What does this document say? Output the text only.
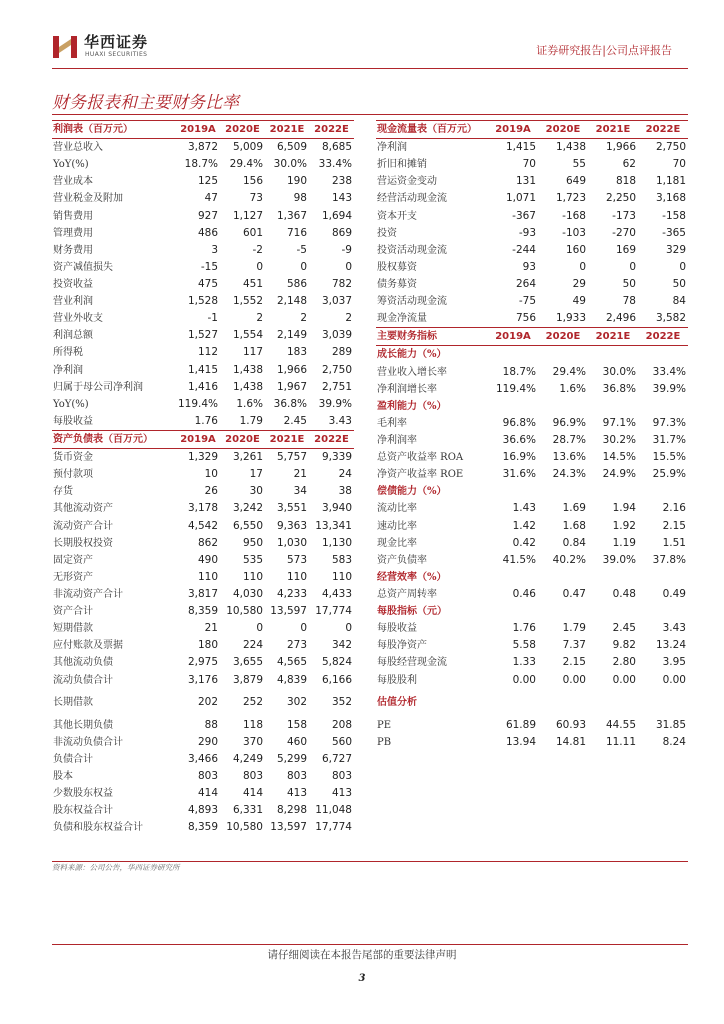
华西证券
HUAXI SECURITIES	证券研究报告|公司点评报告
财务报表和主要财务比率
利润表（百万元）	2019A	2020E	2021E	2022E
营业总收入	3,872	5,009	6,509	8,685
YoY(%)	18.7%	29.4%	30.0%	33.4%
营业成本	125	156	190	238
营业税金及附加	47	73	98	143
销售费用	927	1,127	1,367	1,694
管理费用	486	601	716	869
财务费用	3	-2	-5	-9
资产减值损失	-15	0	0	0
投资收益	475	451	586	782
营业利润	1,528	1,552	2,148	3,037
营业外收支	-1	2	2	2
利润总额	1,527	1,554	2,149	3,039
所得税	112	117	183	289
净利润	1,415	1,438	1,966	2,750
归属于母公司净利润	1,416	1,438	1,967	2,751
YoY(%)	119.4%	1.6%	36.8%	39.9%
每股收益	1.76	1.79	2.45	3.43
资产负债表（百万元）	2019A	2020E	2021E	2022E
货币资金	1,329	3,261	5,757	9,339
预付款项	10	17	21	24
存货	26	30	34	38
其他流动资产	3,178	3,242	3,551	3,940
流动资产合计	4,542	6,550	9,363	13,341
长期股权投资	862	950	1,030	1,130
固定资产	490	535	573	583
无形资产	110	110	110	110
非流动资产合计	3,817	4,030	4,233	4,433
资产合计	8,359	10,580	13,597	17,774
短期借款	21	0	0	0
应付账款及票据	180	224	273	342
其他流动负债	2,975	3,655	4,565	5,824
流动负债合计	3,176	3,879	4,839	6,166
长期借款	202	252	302	352
其他长期负债	88	118	158	208
非流动负债合计	290	370	460	560
负债合计	3,466	4,249	5,299	6,727
股本	803	803	803	803
少数股东权益	414	414	413	413
股东权益合计	4,893	6,331	8,298	11,048
负债和股东权益合计	8,359	10,580	13,597	17,774
现金流量表（百万元）	2019A	2020E	2021E	2022E
净利润	1,415	1,438	1,966	2,750
折旧和摊销	70	55	62	70
营运资金变动	131	649	818	1,181
经营活动现金流	1,071	1,723	2,250	3,168
资本开支	-367	-168	-173	-158
投资	-93	-103	-270	-365
投资活动现金流	-244	160	169	329
股权募资	93	0	0	0
债务募资	264	29	50	50
筹资活动现金流	-75	49	78	84
现金净流量	756	1,933	2,496	3,582
主要财务指标	2019A	2020E	2021E	2022E
成长能力（%）				
营业收入增长率	18.7%	29.4%	30.0%	33.4%
净利润增长率	119.4%	1.6%	36.8%	39.9%
盈利能力（%）				
毛利率	96.8%	96.9%	97.1%	97.3%
净利润率	36.6%	28.7%	30.2%	31.7%
总资产收益率 ROA	16.9%	13.6%	14.5%	15.5%
净资产收益率 ROE	31.6%	24.3%	24.9%	25.9%
偿债能力（%）				
流动比率	1.43	1.69	1.94	2.16
速动比率	1.42	1.68	1.92	2.15
现金比率	0.42	0.84	1.19	1.51
资产负债率	41.5%	40.2%	39.0%	37.8%
经营效率（%）				
总资产周转率	0.46	0.47	0.48	0.49
每股指标（元）				
每股收益	1.76	1.79	2.45	3.43
每股净资产	5.58	7.37	9.82	13.24
每股经营现金流	1.33	2.15	2.80	3.95
每股股利	0.00	0.00	0.00	0.00
估值分析				
PE	61.89	60.93	44.55	31.85
PB	13.94	14.81	11.11	8.24
资料来源：公司公告，华西证券研究所
请仔细阅读在本报告尾部的重要法律声明
3
